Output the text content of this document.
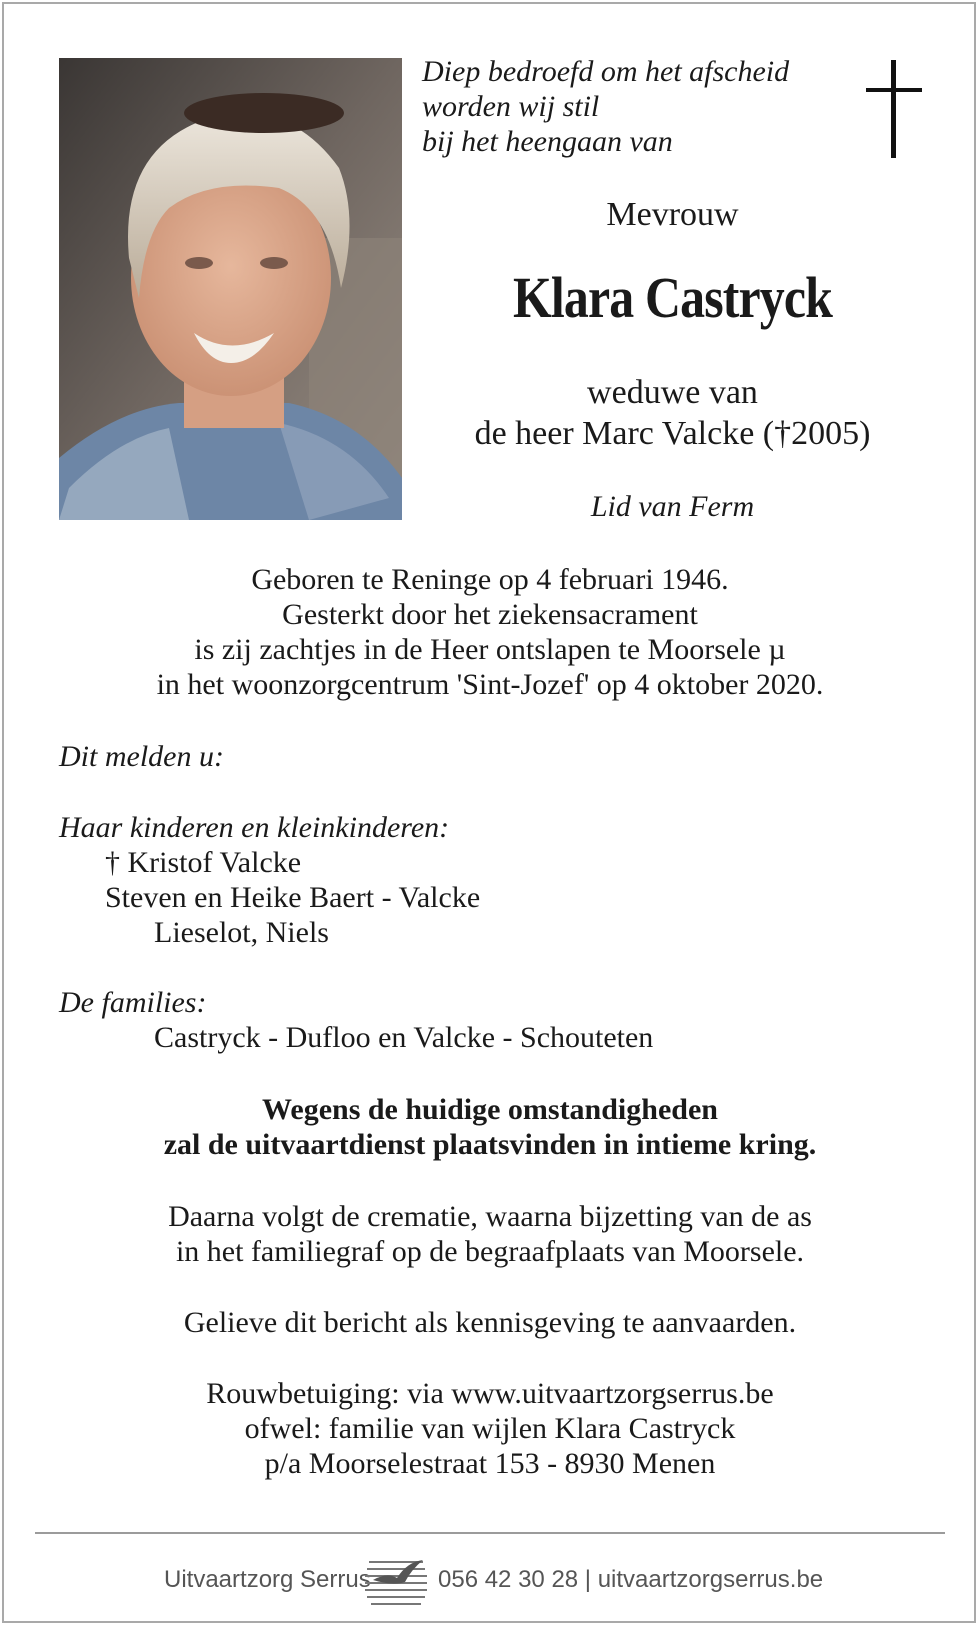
Diep bedroefd om het afscheid
worden wij stil
bij het heengaan van
Mevrouw
Klara Castryck
weduwe van
de heer Marc Valcke (†2005)
Lid van Ferm
Geboren te Reninge op 4 februari 1946.
Gesterkt door het ziekensacrament
is zij zachtjes in de Heer ontslapen te Moorsele µ
in het woonzorgcentrum 'Sint-Jozef' op 4 oktober 2020.
Dit melden u:
Haar kinderen en kleinkinderen:
† Kristof Valcke
Steven en Heike Baert - Valcke
Lieselot, Niels
De families:
Castryck - Dufloo en Valcke - Schouteten
Wegens de huidige omstandigheden
zal de uitvaartdienst plaatsvinden in intieme kring.
Daarna volgt de crematie, waarna bijzetting van de as
in het familiegraf op de begraafplaats van Moorsele.
Gelieve dit bericht als kennisgeving te aanvaarden.
Rouwbetuiging: via www.uitvaartzorgserrus.be
ofwel: familie van wijlen Klara Castryck
p/a Moorselestraat 153 - 8930 Menen
Uitvaartzorg Serrus	056 42 30 28 | uitvaartzorgserrus.be
